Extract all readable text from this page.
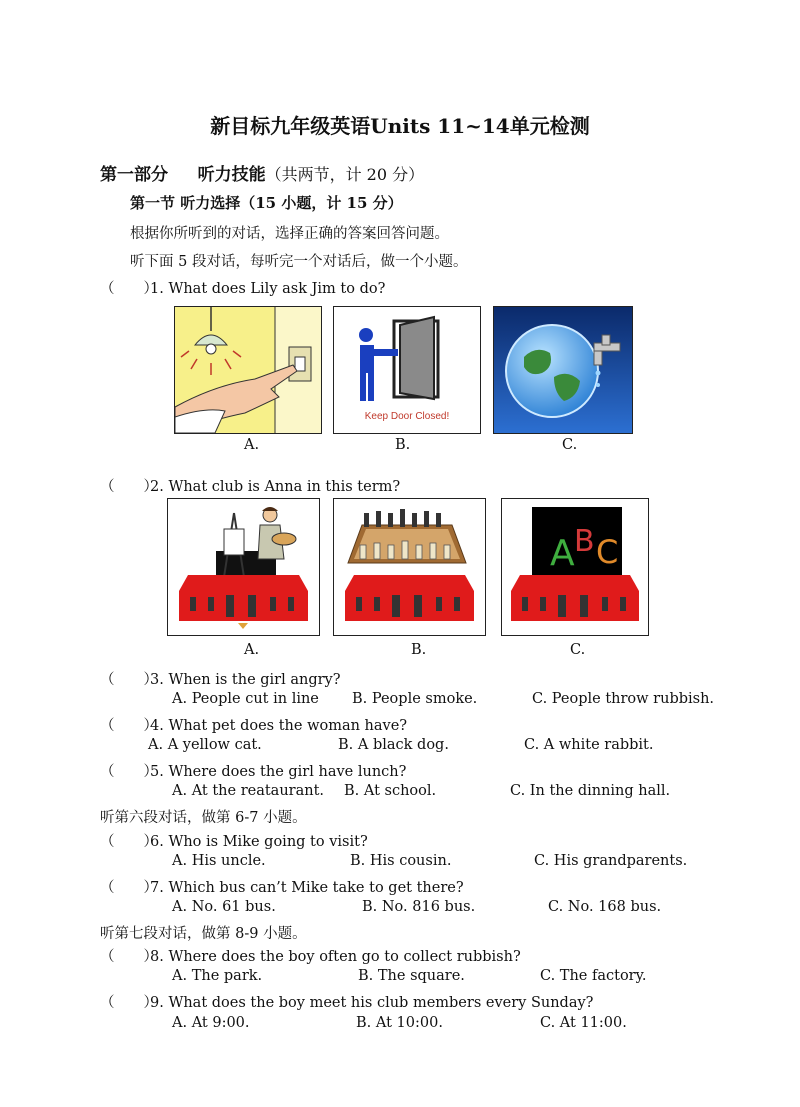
新目标九年级英语Units 11~14单元检测
第一部分 听力技能（共两节，计 20 分）
第一节 听力选择（15 小题，计 15 分）
根据你所听到的对话，选择正确的答案回答问题。
听下面 5 段对话，每听完一个对话后，做一个小题。
（　　）1. What does Lily ask Jim to do?
A.
Keep Door Closed!
B.	C.
（　　）2. What club is Anna in this term?
A.	B.
A B C
C.
（　　）3. When is the girl angry?
A. People cut in line B. People smoke.	C. People throw rubbish.
（　　）4. What pet does the woman have?
A. A yellow cat.	B. A black dog.	C. A white rabbit.
（　　）5. Where does the girl have lunch?
A. At the reataurant. B. At school.	C. In the dinning hall.
听第六段对话，做第 6-7 小题。
（　　）6. Who is Mike going to visit?
A. His uncle.	B. His cousin.	C. His grandparents.
（　　）7. Which bus can’t Mike take to get there?
A. No. 61 bus.	B. No. 816 bus.	C. No. 168 bus.
听第七段对话，做第 8-9 小题。
（　　）8. Where does the boy often go to collect rubbish?
A. The park.	B. The square.	C. The factory.
（　　）9. What does the boy meet his club members every Sunday?
A. At 9:00.	B. At 10:00.	C. At 11:00.
